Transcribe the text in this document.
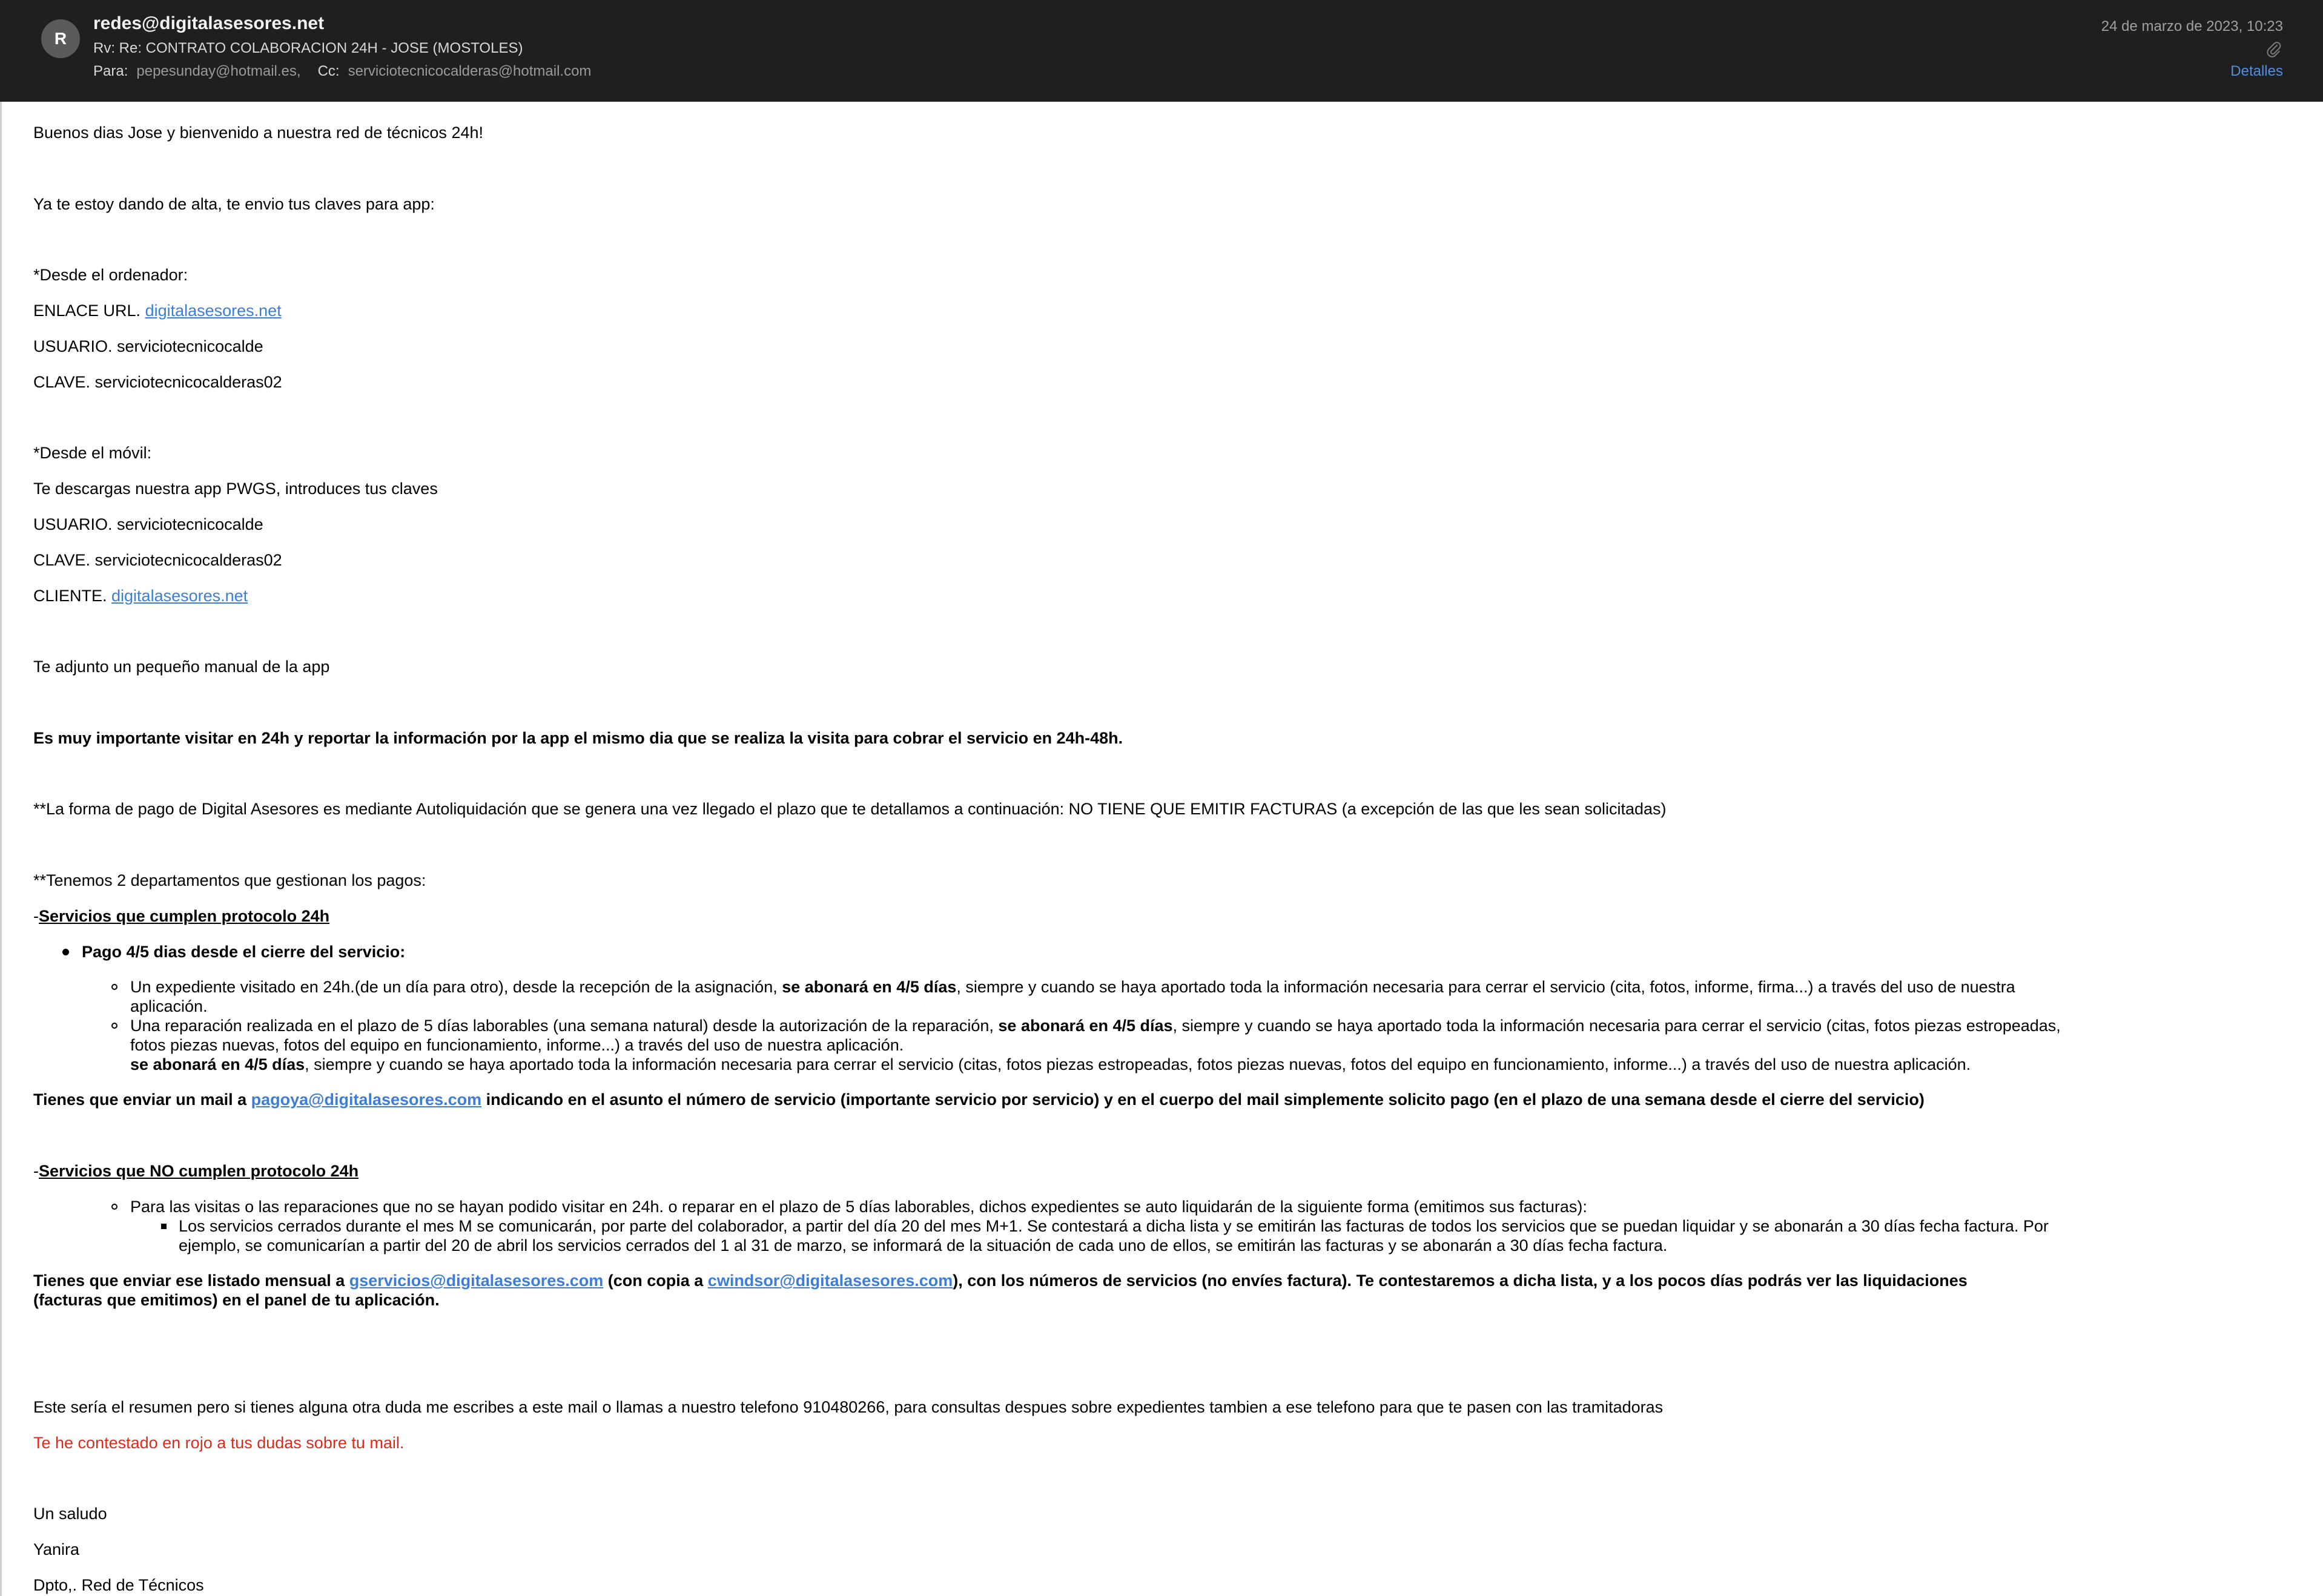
R
redes@digitalasesores.net
Rv: Re: CONTRATO COLABORACION 24H - JOSE (MOSTOLES)
Para: pepesunday@hotmail.es, Cc: serviciotecnicocalderas@hotmail.com
24 de marzo de 2023, 10:23
Detalles
Buenos dias Jose y bienvenido a nuestra red de técnicos 24h!
Ya te estoy dando de alta, te envio tus claves para app:
*Desde el ordenador:
ENLACE URL. digitalasesores.net
USUARIO. serviciotecnicocalde
CLAVE. serviciotecnicocalderas02
*Desde el móvil:
Te descargas nuestra app PWGS, introduces tus claves
USUARIO. serviciotecnicocalde
CLAVE. serviciotecnicocalderas02
CLIENTE. digitalasesores.net
Te adjunto un pequeño manual de la app
Es muy importante visitar en 24h y reportar la información por la app el mismo dia que se realiza la visita para cobrar el servicio en 24h-48h.
**La forma de pago de Digital Asesores es mediante Autoliquidación que se genera una vez llegado el plazo que te detallamos a continuación: NO TIENE QUE EMITIR FACTURAS (a excepción de las que les sean solicitadas)
**Tenemos 2 departamentos que gestionan los pagos:
-Servicios que cumplen protocolo 24h
Pago 4/5 dias desde el cierre del servicio:
Un expediente visitado en 24h.(de un día para otro), desde la recepción de la asignación, se abonará en 4/5 días, siempre y cuando se haya aportado toda la información necesaria para cerrar el servicio (cita, fotos, informe, firma...) a través del uso de nuestra
aplicación.
Una reparación realizada en el plazo de 5 días laborables (una semana natural) desde la autorización de la reparación, se abonará en 4/5 días, siempre y cuando se haya aportado toda la información necesaria para cerrar el servicio (citas, fotos piezas estropeadas,
fotos piezas nuevas, fotos del equipo en funcionamiento, informe...) a través del uso de nuestra aplicación.
se abonará en 4/5 días, siempre y cuando se haya aportado toda la información necesaria para cerrar el servicio (citas, fotos piezas estropeadas, fotos piezas nuevas, fotos del equipo en funcionamiento, informe...) a través del uso de nuestra aplicación.
Tienes que enviar un mail a pagoya@digitalasesores.com indicando en el asunto el número de servicio (importante servicio por servicio) y en el cuerpo del mail simplemente solicito pago (en el plazo de una semana desde el cierre del servicio)
-Servicios que NO cumplen protocolo 24h
Para las visitas o las reparaciones que no se hayan podido visitar en 24h. o reparar en el plazo de 5 días laborables, dichos expedientes se auto liquidarán de la siguiente forma (emitimos sus facturas):
Los servicios cerrados durante el mes M se comunicarán, por parte del colaborador, a partir del día 20 del mes M+1. Se contestará a dicha lista y se emitirán las facturas de todos los servicios que se puedan liquidar y se abonarán a 30 días fecha factura. Por
ejemplo, se comunicarían a partir del 20 de abril los servicios cerrados del 1 al 31 de marzo, se informará de la situación de cada uno de ellos, se emitirán las facturas y se abonarán a 30 días fecha factura.
Tienes que enviar ese listado mensual a gservicios@digitalasesores.com (con copia a cwindsor@digitalasesores.com), con los números de servicios (no envíes factura). Te contestaremos a dicha lista, y a los pocos días podrás ver las liquidaciones
(facturas que emitimos) en el panel de tu aplicación.
Este sería el resumen pero si tienes alguna otra duda me escribes a este mail o llamas a nuestro telefono 910480266, para consultas despues sobre expedientes tambien a ese telefono para que te pasen con las tramitadoras
Te he contestado en rojo a tus dudas sobre tu mail.
Un saludo
Yanira
Dpto,. Red de Técnicos
